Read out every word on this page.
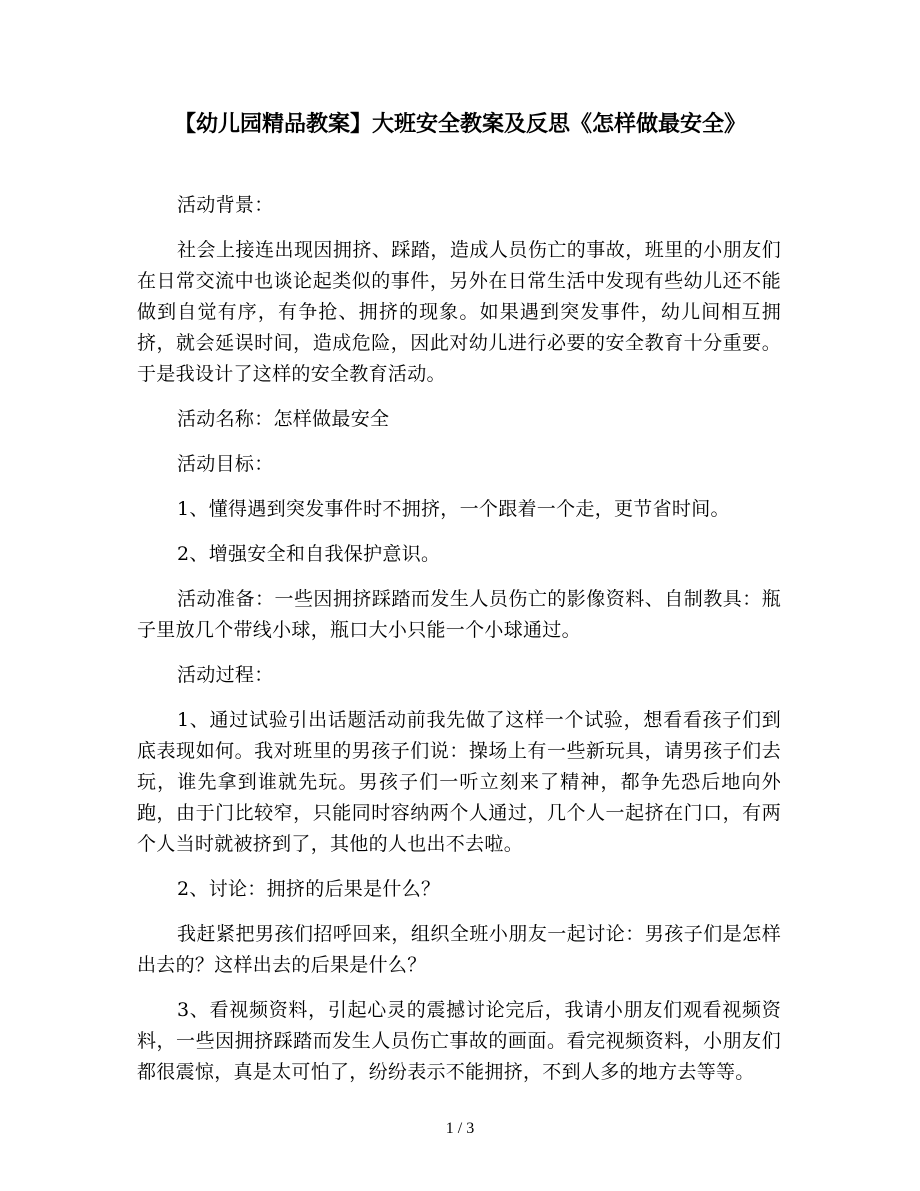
【幼儿园精品教案】大班安全教案及反思《怎样做最安全》

活动背景：

社会上接连出现因拥挤、踩踏，造成人员伤亡的事故，班里的小朋友们在日常交流中也谈论起类似的事件，另外在日常生活中发现有些幼儿还不能做到自觉有序，有争抢、拥挤的现象。如果遇到突发事件，幼儿间相互拥挤，就会延误时间，造成危险，因此对幼儿进行必要的安全教育十分重要。于是我设计了这样的安全教育活动。

活动名称：怎样做最安全

活动目标：

1、懂得遇到突发事件时不拥挤，一个跟着一个走，更节省时间。

2、增强安全和自我保护意识。

活动准备：一些因拥挤踩踏而发生人员伤亡的影像资料、自制教具：瓶子里放几个带线小球，瓶口大小只能一个小球通过。

活动过程：

1、通过试验引出话题活动前我先做了这样一个试验，想看看孩子们到底表现如何。我对班里的男孩子们说：操场上有一些新玩具，请男孩子们去玩，谁先拿到谁就先玩。男孩子们一听立刻来了精神，都争先恐后地向外跑，由于门比较窄，只能同时容纳两个人通过，几个人一起挤在门口，有两个人当时就被挤到了，其他的人也出不去啦。

2、讨论：拥挤的后果是什么？

我赶紧把男孩们招呼回来，组织全班小朋友一起讨论：男孩子们是怎样出去的？这样出去的后果是什么？

3、看视频资料，引起心灵的震撼讨论完后，我请小朋友们观看视频资料，一些因拥挤踩踏而发生人员伤亡事故的画面。看完视频资料，小朋友们都很震惊，真是太可怕了，纷纷表示不能拥挤，不到人多的地方去等等。

1 / 3
